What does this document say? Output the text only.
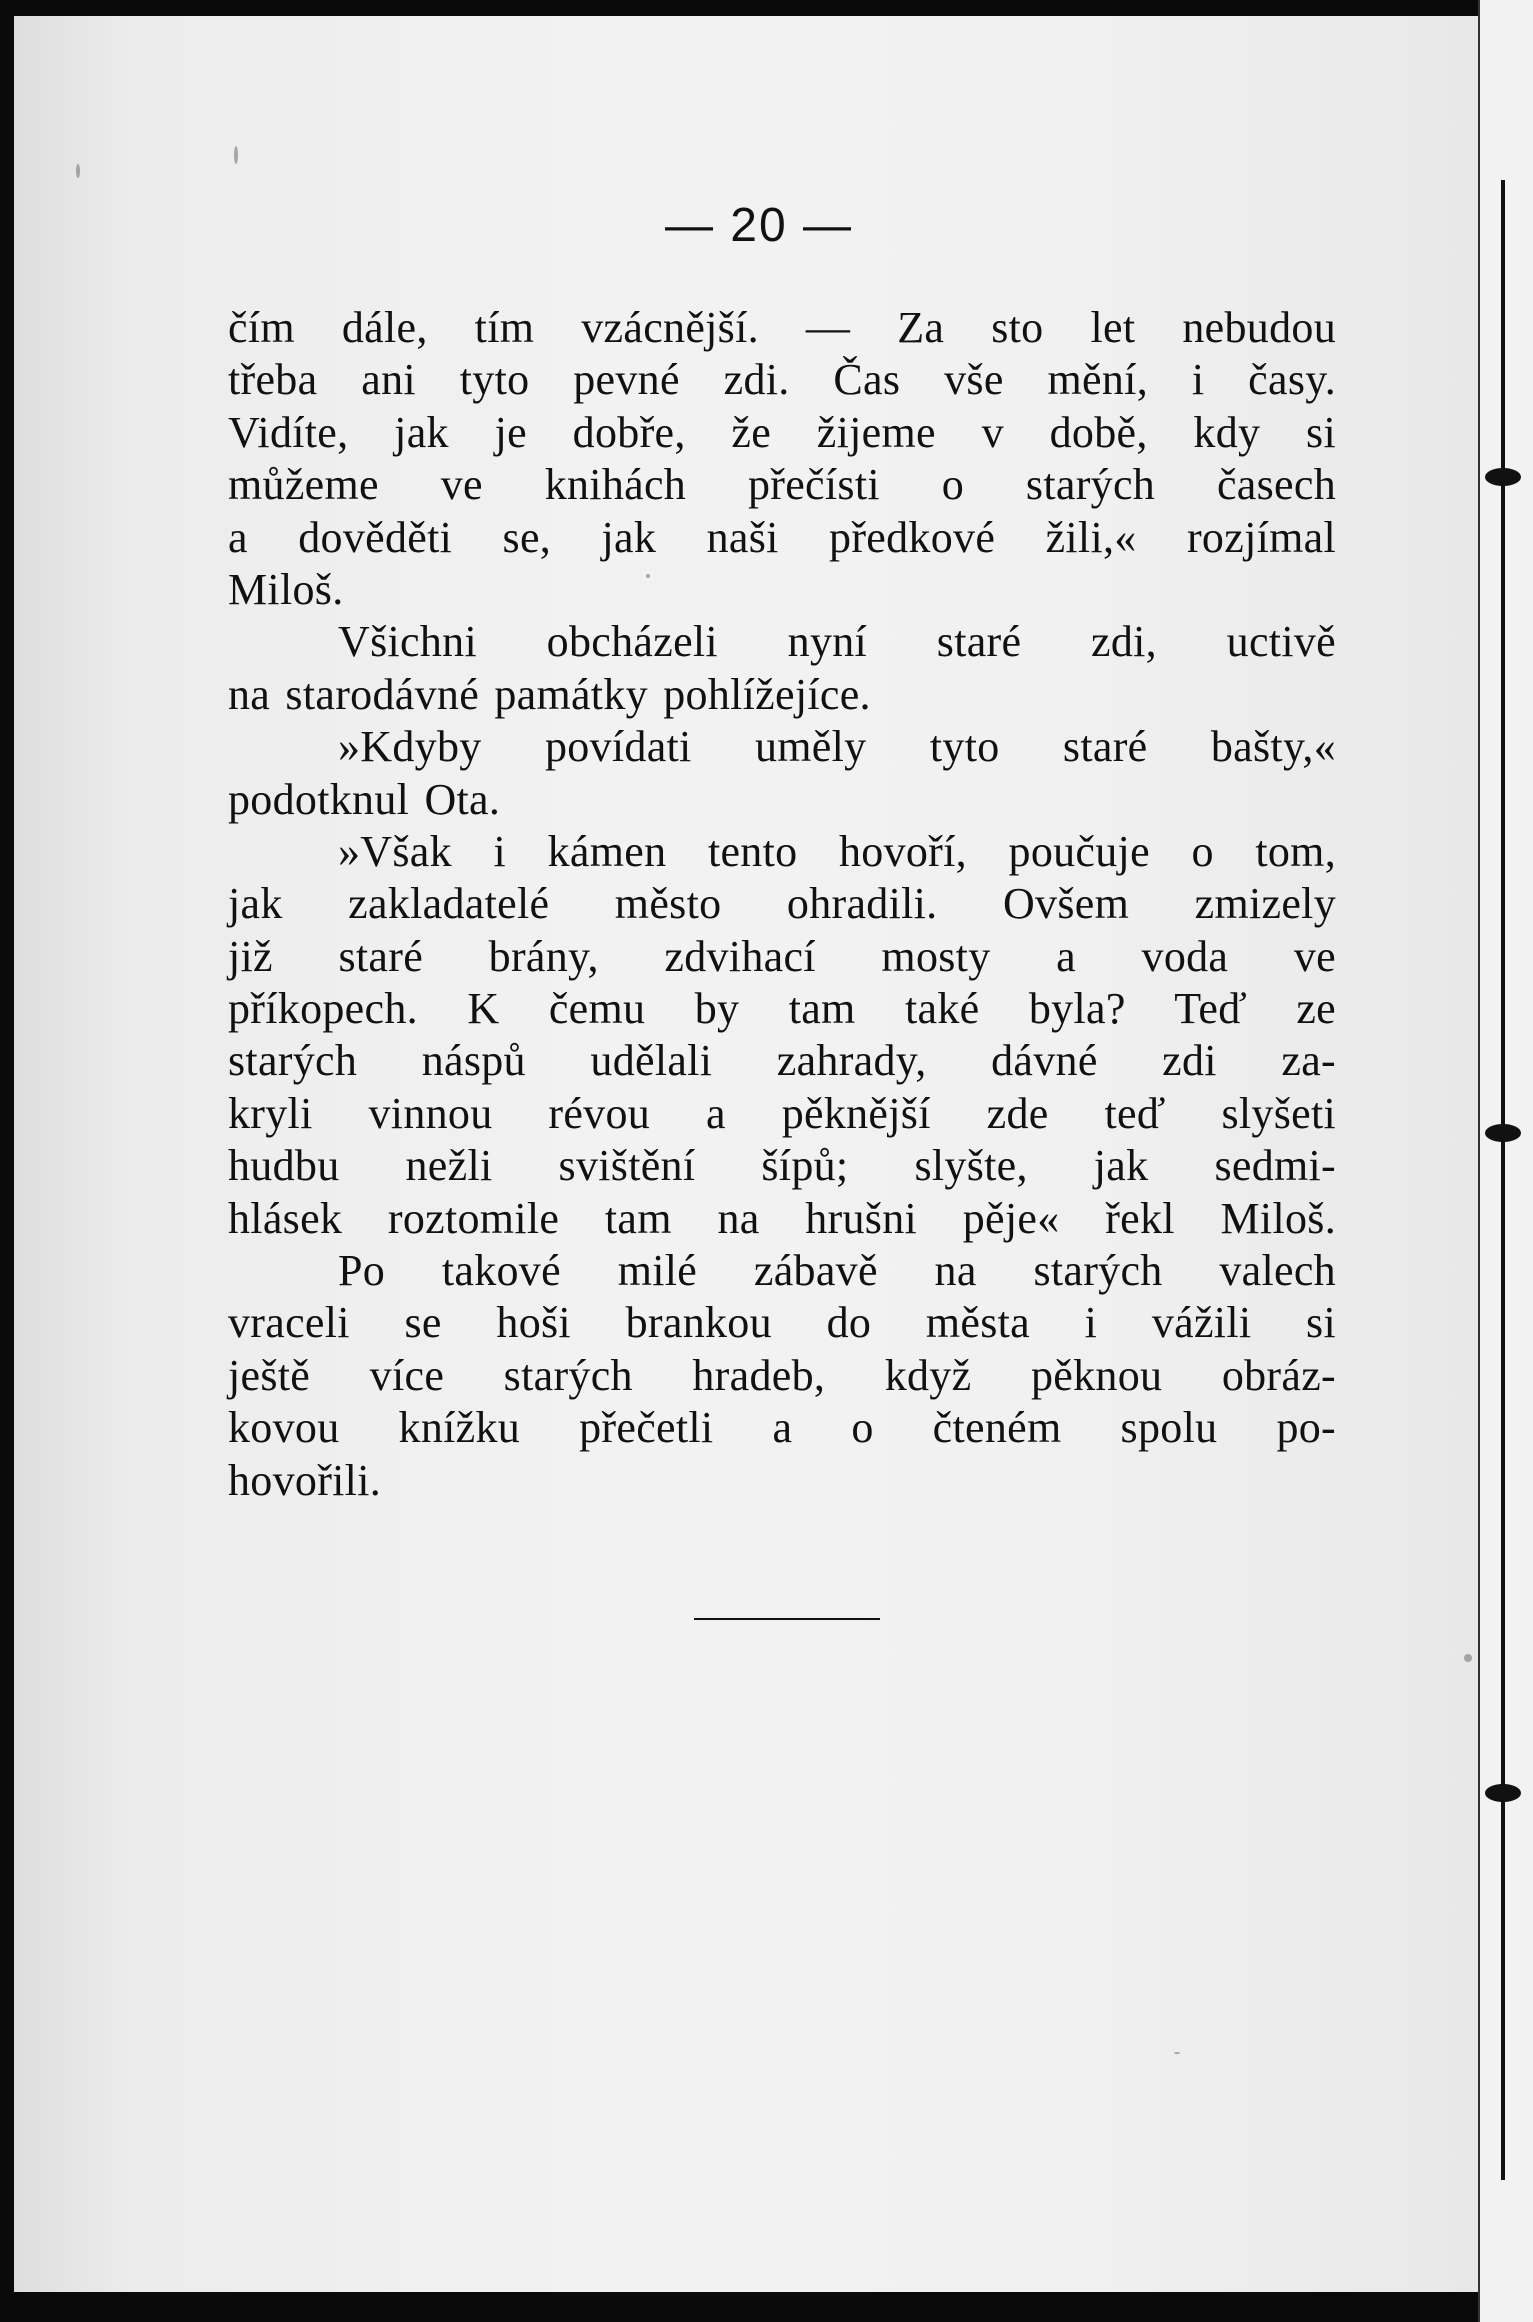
— 20 —
čím dále, tím vzácnější. — Za sto let nebudou
třeba ani tyto pevné zdi. Čas vše mění, i časy.
Vidíte, jak je dobře, že žijeme v době, kdy si
můžeme ve knihách přečísti o starých časech
a dověděti se, jak naši předkové žili,« rozjímal
Miloš.
Všichni obcházeli nyní staré zdi, uctivě
na starodávné památky pohlížejíce.
»Kdyby povídati uměly tyto staré bašty,«
podotknul Ota.
»Však i kámen tento hovoří, poučuje o tom,
jak zakladatelé město ohradili. Ovšem zmizely
již staré brány, zdvihací mosty a voda ve
příkopech. K čemu by tam také byla? Teď ze
starých náspů udělali zahrady, dávné zdi za-
kryli vinnou révou a pěknější zde teď slyšeti
hudbu nežli svištění šípů; slyšte, jak sedmi-
hlásek roztomile tam na hrušni pěje« řekl Miloš.
Po takové milé zábavě na starých valech
vraceli se hoši brankou do města i vážili si
ještě více starých hradeb, když pěknou obráz-
kovou knížku přečetli a o čteném spolu po-
hovořili.
